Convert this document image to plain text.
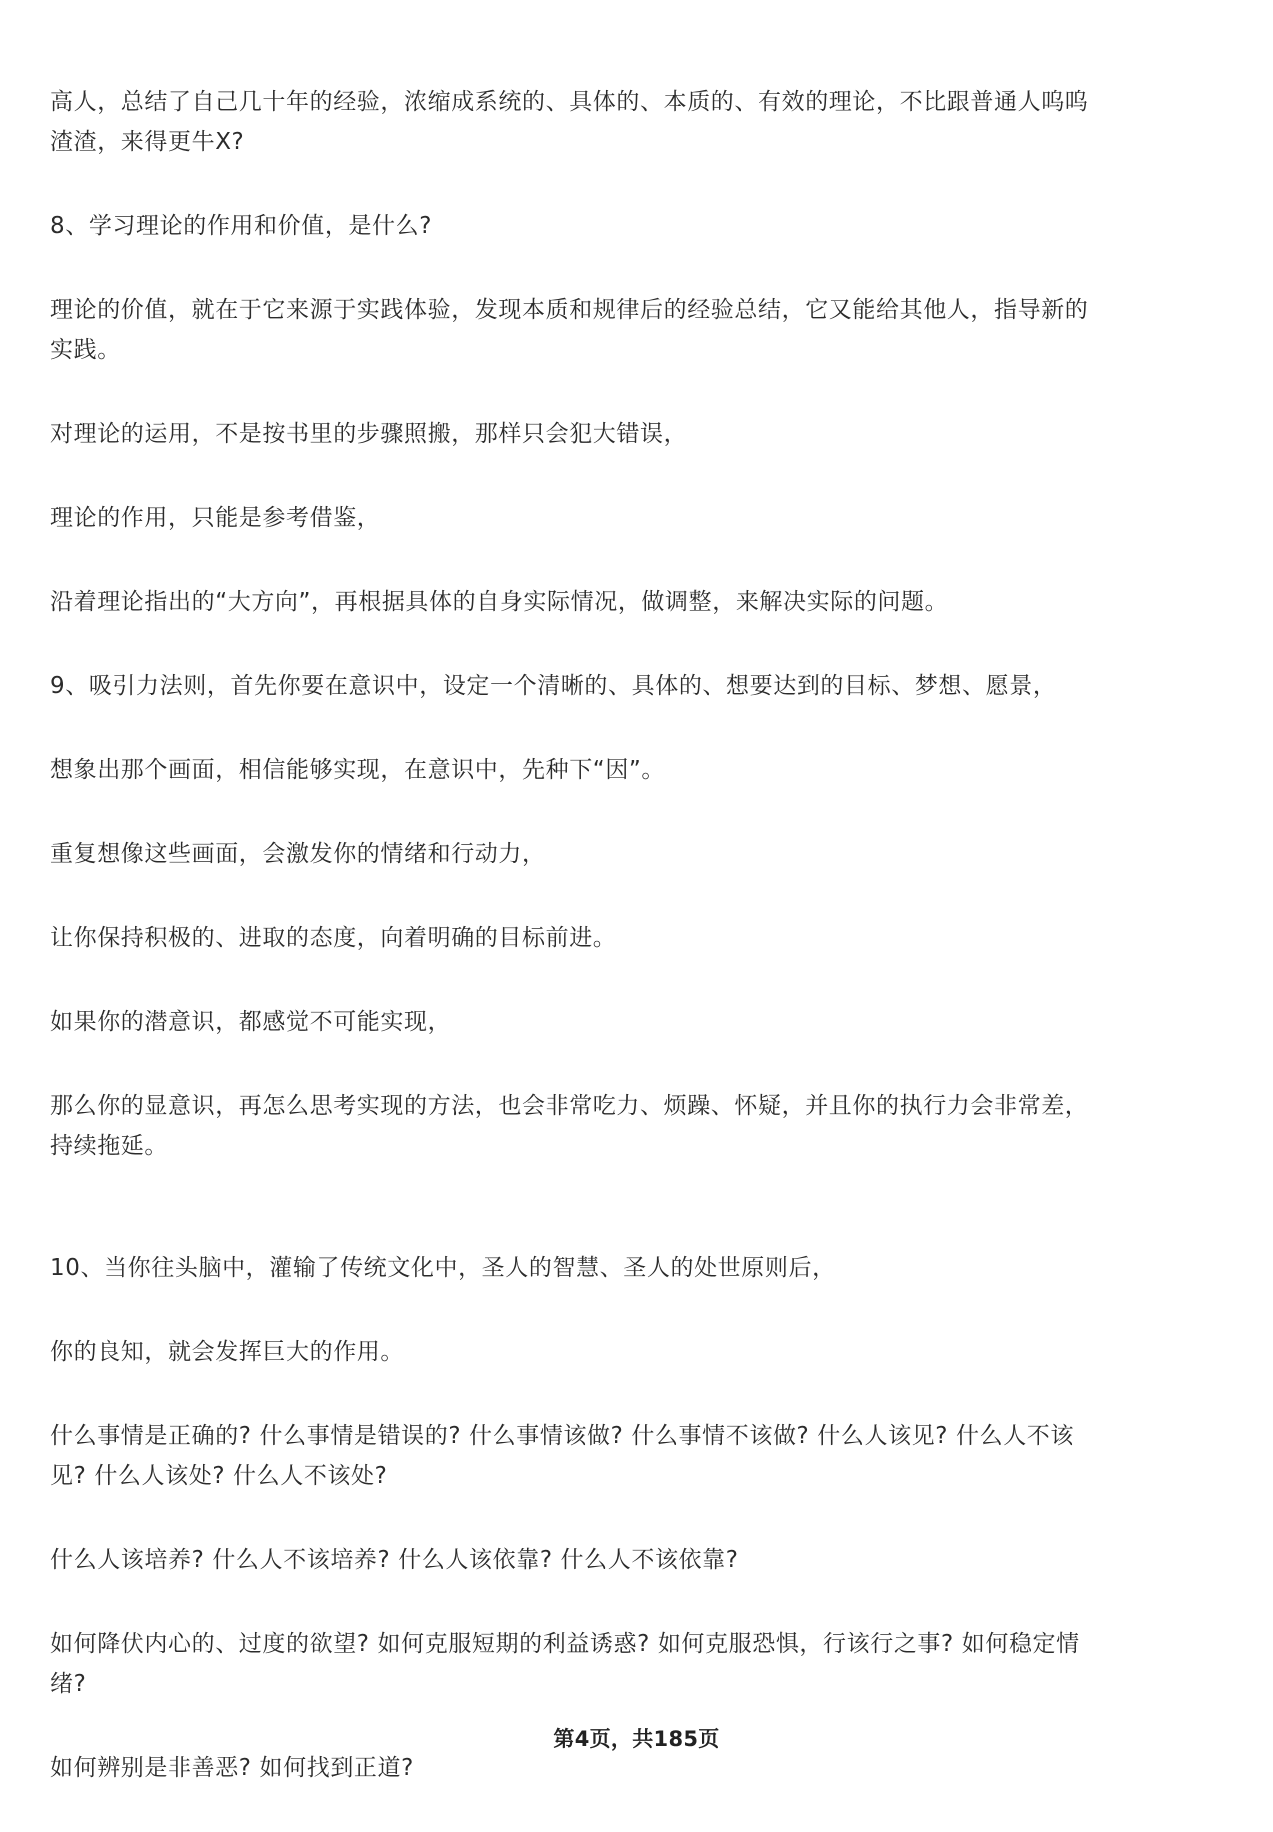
高人，总结了自己几十年的经验，浓缩成系统的、具体的、本质的、有效的理论，不比跟普通人呜呜
渣渣，来得更牛X?

8、学习理论的作用和价值，是什么?

理论的价值，就在于它来源于实践体验，发现本质和规律后的经验总结，它又能给其他人，指导新的
实践。

对理论的运用，不是按书里的步骤照搬，那样只会犯大错误，

理论的作用，只能是参考借鉴，

沿着理论指出的“大方向”，再根据具体的自身实际情况，做调整，来解决实际的问题。

9、吸引力法则，首先你要在意识中，设定一个清晰的、具体的、想要达到的目标、梦想、愿景，

想象出那个画面，相信能够实现，在意识中，先种下“因”。

重复想像这些画面，会激发你的情绪和行动力，

让你保持积极的、进取的态度，向着明确的目标前进。

如果你的潜意识，都感觉不可能实现，

那么你的显意识，再怎么思考实现的方法，也会非常吃力、烦躁、怀疑，并且你的执行力会非常差，
持续拖延。

10、当你往头脑中，灌输了传统文化中，圣人的智慧、圣人的处世原则后，

你的良知，就会发挥巨大的作用。

什么事情是正确的? 什么事情是错误的? 什么事情该做? 什么事情不该做? 什么人该见? 什么人不该
见? 什么人该处? 什么人不该处?

什么人该培养? 什么人不该培养? 什么人该依靠? 什么人不该依靠?

如何降伏内心的、过度的欲望? 如何克服短期的利益诱惑? 如何克服恐惧，行该行之事? 如何稳定情
绪?

如何辨别是非善恶? 如何找到正道?

第4页，共185页
